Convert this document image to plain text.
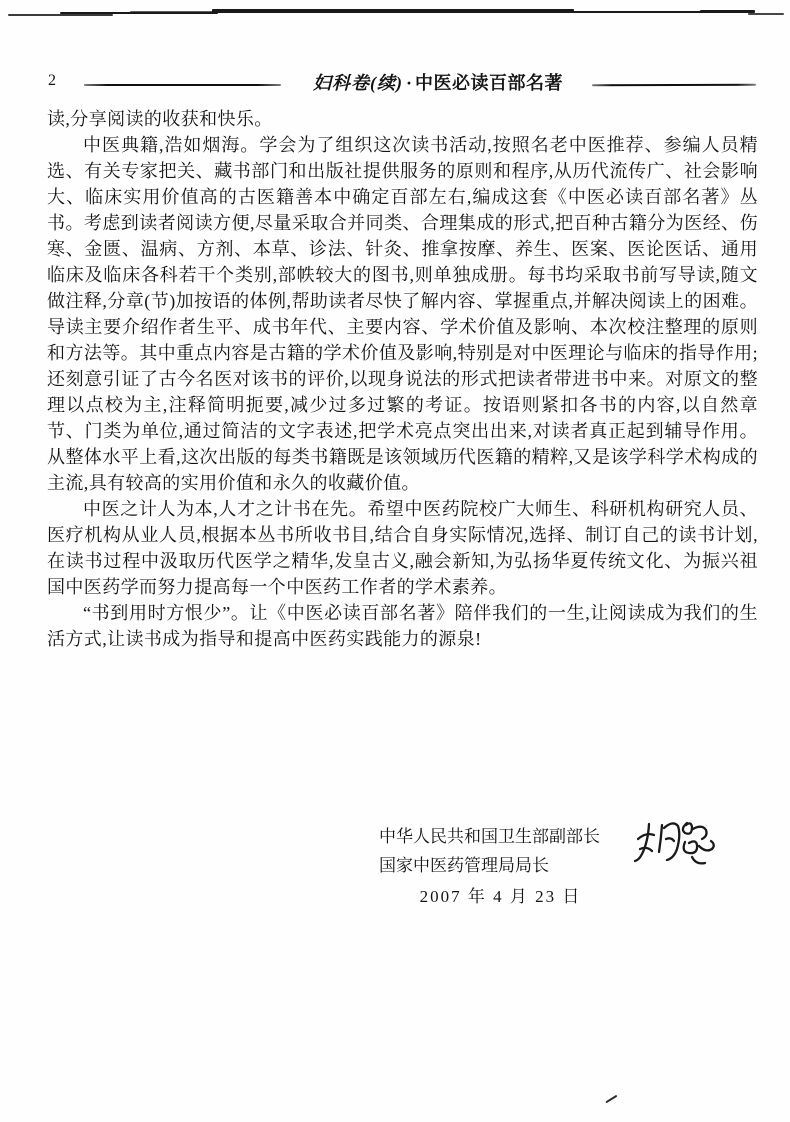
2	妇科卷(续) · 中医必读百部名著

读,分享阅读的收获和快乐。

中医典籍,浩如烟海。学会为了组织这次读书活动,按照名老中医推荐、参编人员精选、有关专家把关、藏书部门和出版社提供服务的原则和程序,从历代流传广、社会影响大、临床实用价值高的古医籍善本中确定百部左右,编成这套《中医必读百部名著》丛书。考虑到读者阅读方便,尽量采取合并同类、合理集成的形式,把百种古籍分为医经、伤寒、金匮、温病、方剂、本草、诊法、针灸、推拿按摩、养生、医案、医论医话、通用临床及临床各科若干个类别,部帙较大的图书,则单独成册。每书均采取书前写导读,随文做注释,分章(节)加按语的体例,帮助读者尽快了解内容、掌握重点,并解决阅读上的困难。导读主要介绍作者生平、成书年代、主要内容、学术价值及影响、本次校注整理的原则和方法等。其中重点内容是古籍的学术价值及影响,特别是对中医理论与临床的指导作用;还刻意引证了古今名医对该书的评价,以现身说法的形式把读者带进书中来。对原文的整理以点校为主,注释简明扼要,减少过多过繁的考证。按语则紧扣各书的内容,以自然章节、门类为单位,通过简洁的文字表述,把学术亮点突出出来,对读者真正起到辅导作用。从整体水平上看,这次出版的每类书籍既是该领域历代医籍的精粹,又是该学科学术构成的主流,具有较高的实用价值和永久的收藏价值。

中医之计人为本,人才之计书在先。希望中医药院校广大师生、科研机构研究人员、医疗机构从业人员,根据本丛书所收书目,结合自身实际情况,选择、制订自己的读书计划,在读书过程中汲取历代医学之精华,发皇古义,融会新知,为弘扬华夏传统文化、为振兴祖国中医药学而努力提高每一个中医药工作者的学术素养。

“书到用时方恨少”。让《中医必读百部名著》陪伴我们的一生,让阅读成为我们的生活方式,让读书成为指导和提高中医药实践能力的源泉!

中华人民共和国卫生部副部长
国家中医药管理局局长
2007 年 4 月 23 日
